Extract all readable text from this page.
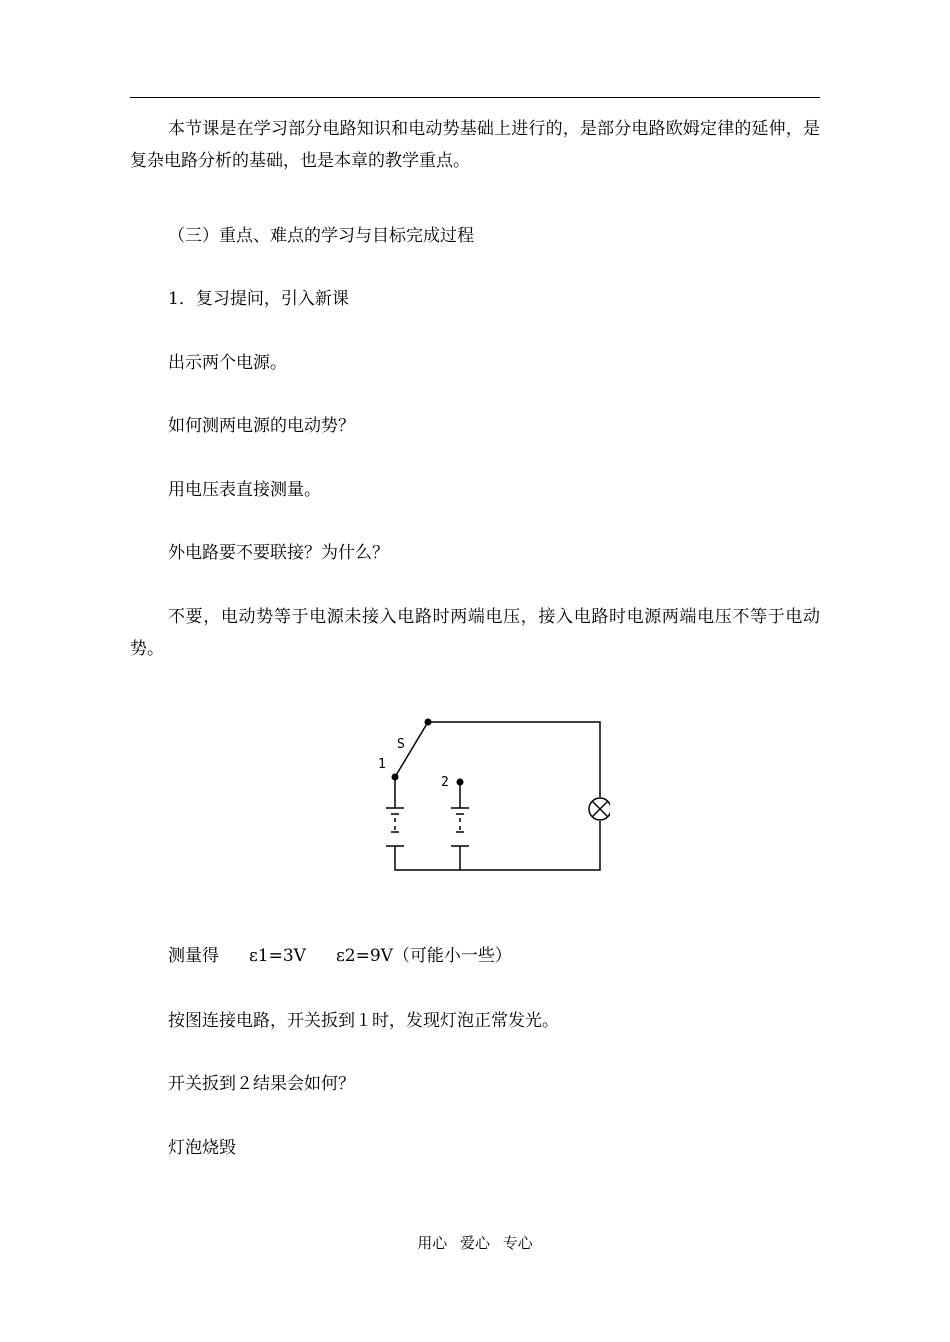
本节课是在学习部分电路知识和电动势基础上进行的，是部分电路欧姆定律的延伸，是复杂电路分析的基础，也是本章的教学重点。

（三）重点、难点的学习与目标完成过程

1．复习提问，引入新课

出示两个电源。

如何测两电源的电动势？

用电压表直接测量。

外电路要不要联接？为什么？

不要，电动势等于电源未接入电路时两端电压，接入电路时电源两端电压不等于电动势。

S
1
2

测量得 ε1=3V ε2=9V（可能小一些）

按图连接电路，开关扳到１时，发现灯泡正常发光。

开关扳到２结果会如何？

灯泡烧毁

用心 爱心 专心
